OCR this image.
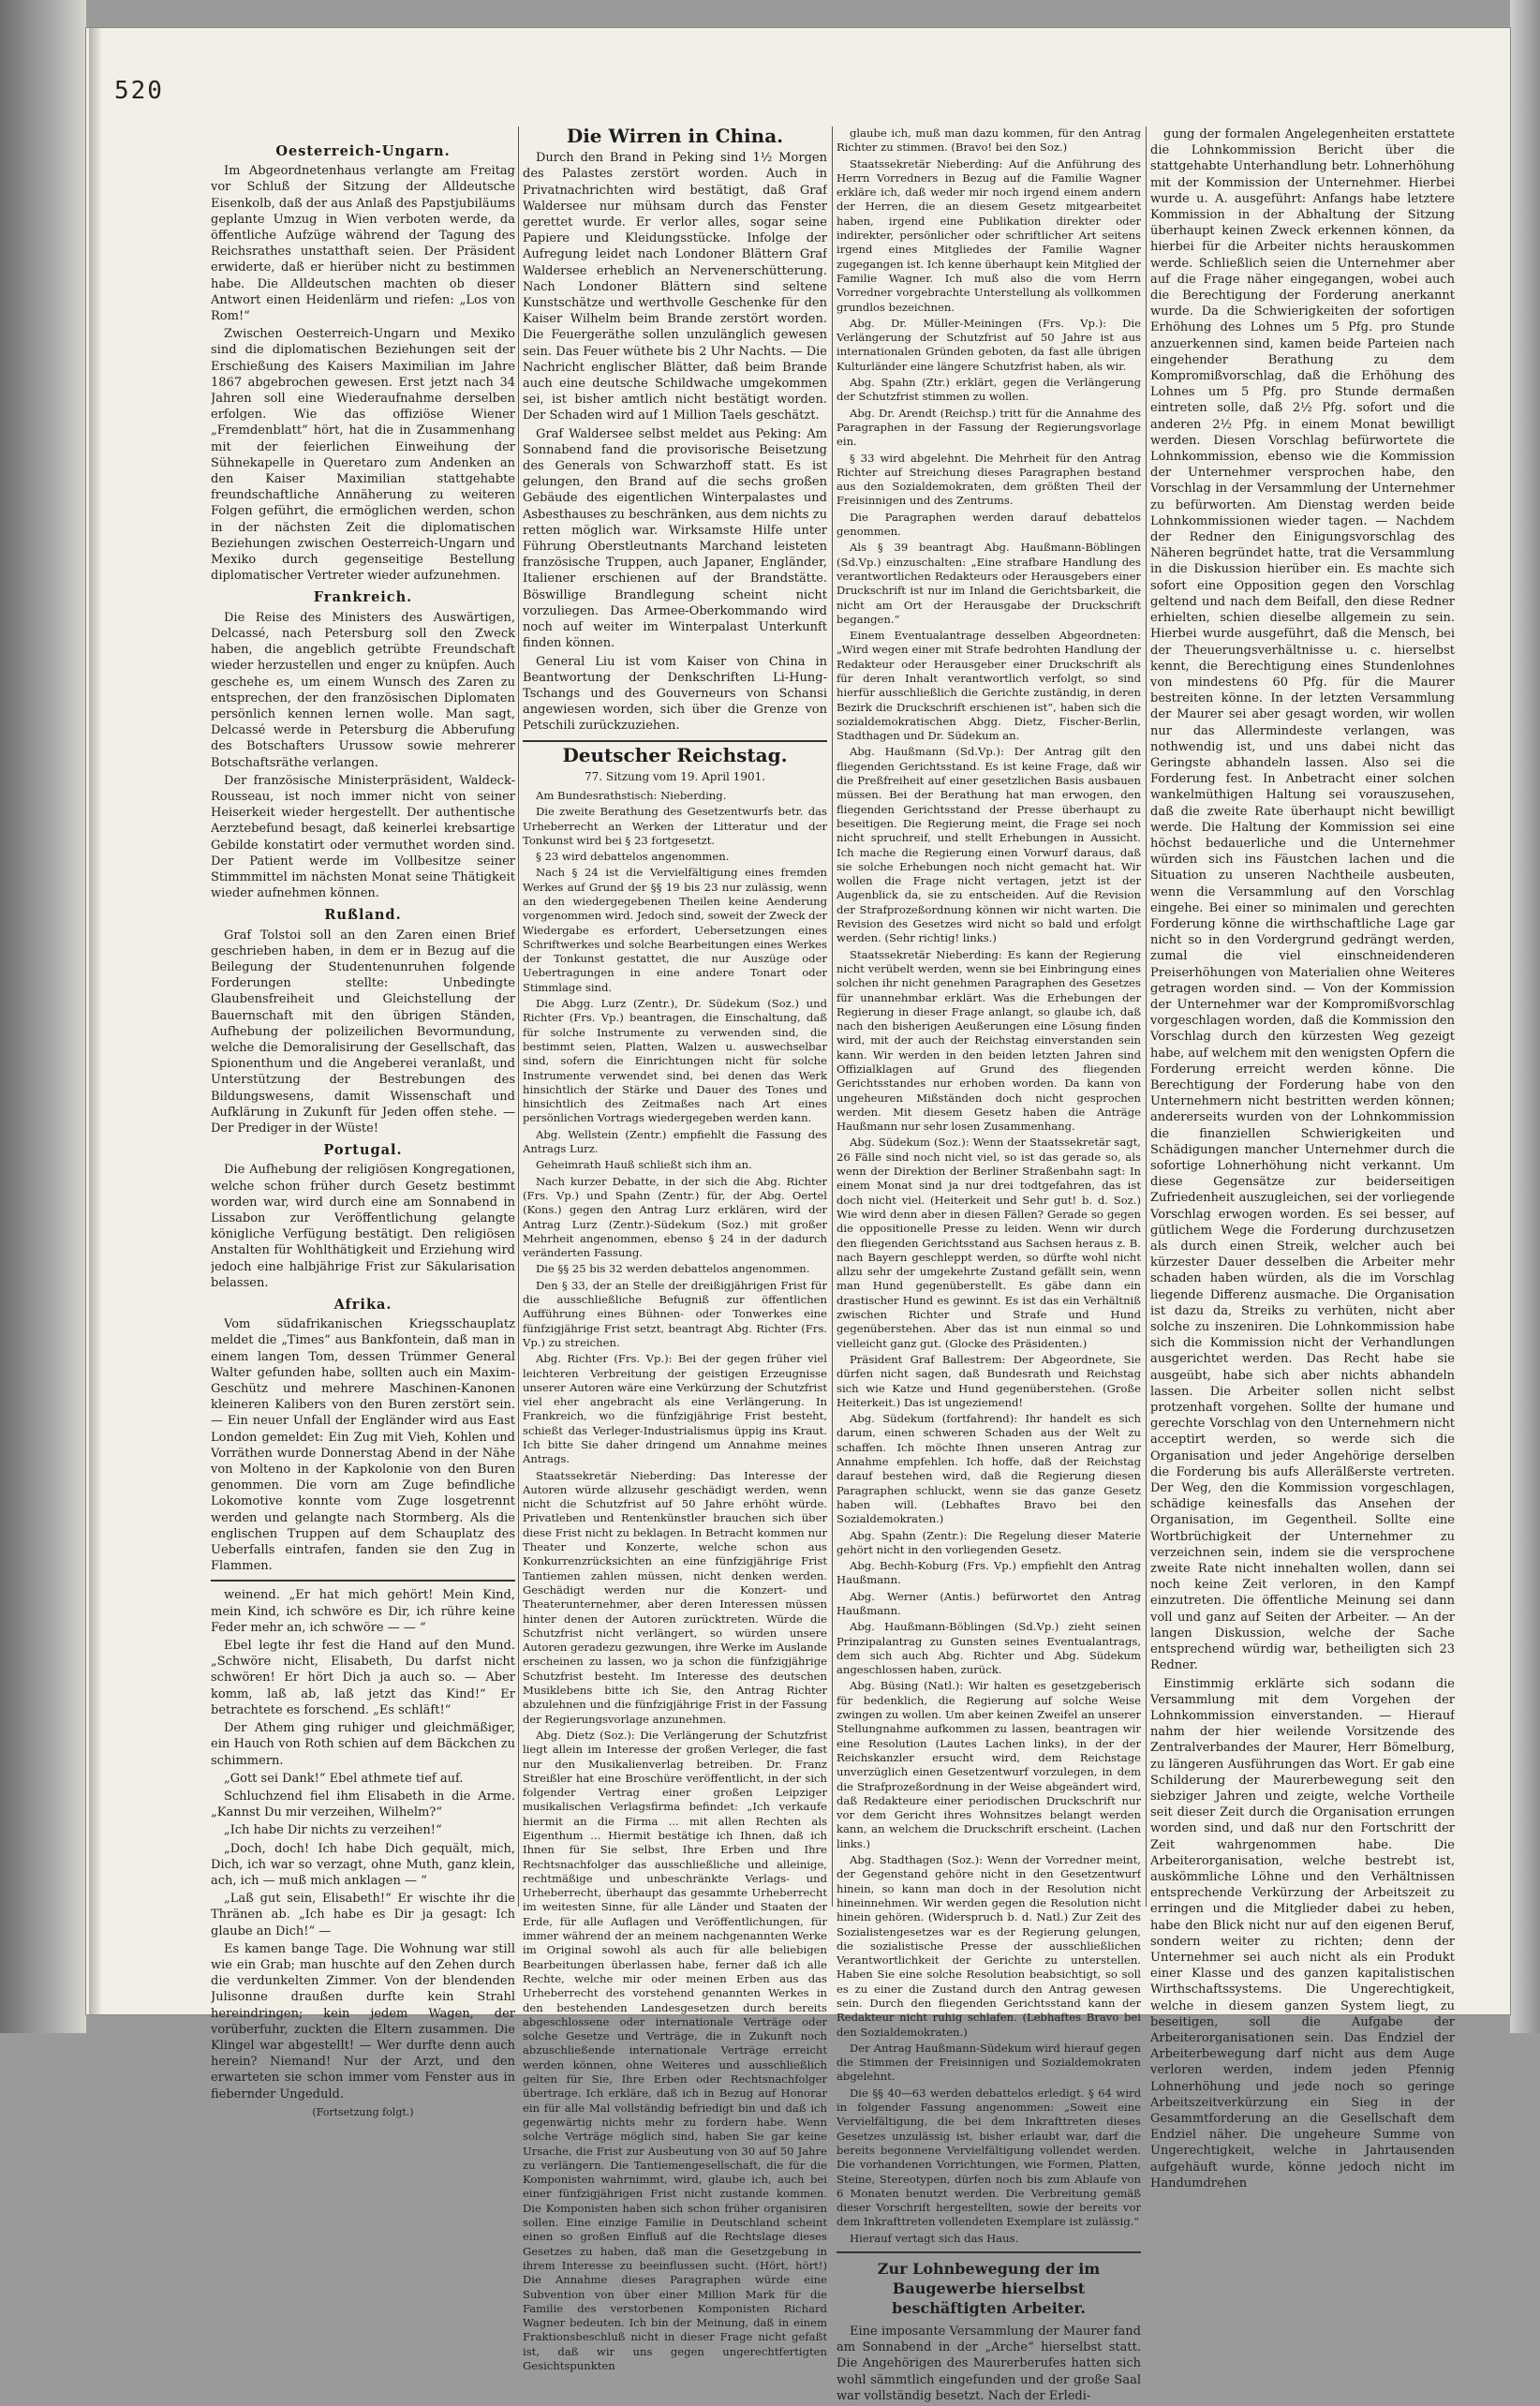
520
Oesterreich-Ungarn.

Im Abgeordnetenhaus verlangte am Freitag vor Schluß der Sitzung der Alldeutsche Eisenkolb, daß der aus Anlaß des Papstjubiläums geplante Umzug in Wien verboten werde, da öffentliche Aufzüge während der Tagung des Reichsrathes unstatthaft seien. Der Präsident erwiderte, daß er hierüber nicht zu bestimmen habe. Die Alldeutschen machten ob dieser Antwort einen Heidenlärm und riefen: „Los von Rom!“

Zwischen Oesterreich-Ungarn und Mexiko sind die diplomatischen Beziehungen seit der Erschießung des Kaisers Maximilian im Jahre 1867 abgebrochen gewesen. Erst jetzt nach 34 Jahren soll eine Wiederaufnahme derselben erfolgen. Wie das offiziöse Wiener „Fremdenblatt“ hört, hat die in Zusammenhang mit der feierlichen Einweihung der Sühnekapelle in Queretaro zum Andenken an den Kaiser Maximilian stattgehabte freundschaftliche Annäherung zu weiteren Folgen geführt, die ermöglichen werden, schon in der nächsten Zeit die diplomatischen Beziehungen zwischen Oesterreich-Ungarn und Mexiko durch gegenseitige Bestellung diplomatischer Vertreter wieder aufzunehmen.

Frankreich.

Die Reise des Ministers des Auswärtigen, Delcassé, nach Petersburg soll den Zweck haben, die angeblich getrübte Freundschaft wieder herzustellen und enger zu knüpfen. Auch geschehe es, um einem Wunsch des Zaren zu entsprechen, der den französischen Diplomaten persönlich kennen lernen wolle. Man sagt, Delcassé werde in Petersburg die Abberufung des Botschafters Urussow sowie mehrerer Botschaftsräthe verlangen.

Der französische Ministerpräsident, Waldeck-Rousseau, ist noch immer nicht von seiner Heiserkeit wieder hergestellt. Der authentische Aerztebefund besagt, daß keinerlei krebsartige Gebilde konstatirt oder vermuthet worden sind. Der Patient werde im Vollbesitze seiner Stimmmittel im nächsten Monat seine Thätigkeit wieder aufnehmen können.

Rußland.

Graf Tolstoi soll an den Zaren einen Brief geschrieben haben, in dem er in Bezug auf die Beilegung der Studentenunruhen folgende Forderungen stellte: Unbedingte Glaubensfreiheit und Gleichstellung der Bauernschaft mit den übrigen Ständen, Aufhebung der polizeilichen Bevormundung, welche die Demoralisirung der Gesellschaft, das Spionenthum und die Angeberei veranlaßt, und Unterstützung der Bestrebungen des Bildungswesens, damit Wissenschaft und Aufklärung in Zukunft für Jeden offen stehe. — Der Prediger in der Wüste!

Portugal.

Die Aufhebung der religiösen Kongregationen, welche schon früher durch Gesetz bestimmt worden war, wird durch eine am Sonnabend in Lissabon zur Veröffentlichung gelangte königliche Verfügung bestätigt. Den religiösen Anstalten für Wohlthätigkeit und Erziehung wird jedoch eine halbjährige Frist zur Säkularisation belassen.

Afrika.

Vom südafrikanischen Kriegsschauplatz meldet die „Times“ aus Bankfontein, daß man in einem langen Tom, dessen Trümmer General Walter gefunden habe, sollten auch ein Maxim-Geschütz und mehrere Maschinen-Kanonen kleineren Kalibers von den Buren zerstört sein. — Ein neuer Unfall der Engländer wird aus East London gemeldet: Ein Zug mit Vieh, Kohlen und Vorräthen wurde Donnerstag Abend in der Nähe von Molteno in der Kapkolonie von den Buren genommen. Die vorn am Zuge befindliche Lokomotive konnte vom Zuge losgetrennt werden und gelangte nach Stormberg. Als die englischen Truppen auf dem Schauplatz des Ueberfalls eintrafen, fanden sie den Zug in Flammen.

weinend. „Er hat mich gehört! Mein Kind, mein Kind, ich schwöre es Dir, ich rühre keine Feder mehr an, ich schwöre — — “

Ebel legte ihr fest die Hand auf den Mund. „Schwöre nicht, Elisabeth, Du darfst nicht schwören! Er hört Dich ja auch so. — Aber komm, laß ab, laß jetzt das Kind!“ Er betrachtete es forschend. „Es schläft!“

Der Athem ging ruhiger und gleichmäßiger, ein Hauch von Roth schien auf dem Bäckchen zu schimmern.

„Gott sei Dank!“ Ebel athmete tief auf.

Schluchzend fiel ihm Elisabeth in die Arme. „Kannst Du mir verzeihen, Wilhelm?“

„Ich habe Dir nichts zu verzeihen!“

„Doch, doch! Ich habe Dich gequält, mich, Dich, ich war so verzagt, ohne Muth, ganz klein, ach, ich — muß mich anklagen — “

„Laß gut sein, Elisabeth!“ Er wischte ihr die Thränen ab. „Ich habe es Dir ja gesagt: Ich glaube an Dich!“ —

Es kamen bange Tage. Die Wohnung war still wie ein Grab; man huschte auf den Zehen durch die verdunkelten Zimmer. Von der blendenden Julisonne draußen durfte kein Strahl hereindringen; kein jedem Wagen, der vorüberfuhr, zuckten die Eltern zusammen. Die Klingel war abgestellt! — Wer durfte denn auch herein? Niemand! Nur der Arzt, und den erwarteten sie schon immer vom Fenster aus in fiebernder Ungeduld.

(Fortsetzung folgt.)

Die Wirren in China.

Durch den Brand in Peking sind 1½ Morgen des Palastes zerstört worden. Auch in Privatnachrichten wird bestätigt, daß Graf Waldersee nur mühsam durch das Fenster gerettet wurde. Er verlor alles, sogar seine Papiere und Kleidungsstücke. Infolge der Aufregung leidet nach Londoner Blättern Graf Waldersee erheblich an Nervenerschütterung. Nach Londoner Blättern sind seltene Kunstschätze und werthvolle Geschenke für den Kaiser Wilhelm beim Brande zerstört worden. Die Feuergeräthe sollen unzulänglich gewesen sein. Das Feuer wüthete bis 2 Uhr Nachts. — Die Nachricht englischer Blätter, daß beim Brande auch eine deutsche Schildwache umgekommen sei, ist bisher amtlich nicht bestätigt worden. Der Schaden wird auf 1 Million Taels geschätzt.

Graf Waldersee selbst meldet aus Peking: Am Sonnabend fand die provisorische Beisetzung des Generals von Schwarzhoff statt. Es ist gelungen, den Brand auf die sechs großen Gebäude des eigentlichen Winterpalastes und Asbesthauses zu beschränken, aus dem nichts zu retten möglich war. Wirksamste Hilfe unter Führung Oberstleutnants Marchand leisteten französische Truppen, auch Japaner, Engländer, Italiener erschienen auf der Brandstätte. Böswillige Brandlegung scheint nicht vorzuliegen. Das Armee-Oberkommando wird noch auf weiter im Winterpalast Unterkunft finden können.

General Liu ist vom Kaiser von China in Beantwortung der Denkschriften Li-Hung-Tschangs und des Gouverneurs von Schansi angewiesen worden, sich über die Grenze von Petschili zurückzuziehen.

Deutscher Reichstag.

77. Sitzung vom 19. April 1901.

Am Bundesrathstisch: Nieberding.

Die zweite Berathung des Gesetzentwurfs betr. das Urheberrecht an Werken der Litteratur und der Tonkunst wird bei § 23 fortgesetzt.

§ 23 wird debattelos angenommen.

Nach § 24 ist die Vervielfältigung eines fremden Werkes auf Grund der §§ 19 bis 23 nur zulässig, wenn an den wiedergegebenen Theilen keine Aenderung vorgenommen wird. Jedoch sind, soweit der Zweck der Wiedergabe es erfordert, Uebersetzungen eines Schriftwerkes und solche Bearbeitungen eines Werkes der Tonkunst gestattet, die nur Auszüge oder Uebertragungen in eine andere Tonart oder Stimmlage sind.

Die Abgg. Lurz (Zentr.), Dr. Südekum (Soz.) und Richter (Frs. Vp.) beantragen, die Einschaltung, daß für solche Instrumente zu verwenden sind, die bestimmt seien, Platten, Walzen u. auswechselbar sind, sofern die Einrichtungen nicht für solche Instrumente verwendet sind, bei denen das Werk hinsichtlich der Stärke und Dauer des Tones und hinsichtlich des Zeitmaßes nach Art eines persönlichen Vortrags wiedergegeben werden kann.

Abg. Wellstein (Zentr.) empfiehlt die Fassung des Antrags Lurz.

Geheimrath Hauß schließt sich ihm an.

Nach kurzer Debatte, in der sich die Abg. Richter (Frs. Vp.) und Spahn (Zentr.) für, der Abg. Oertel (Kons.) gegen den Antrag Lurz erklären, wird der Antrag Lurz (Zentr.)-Südekum (Soz.) mit großer Mehrheit angenommen, ebenso § 24 in der dadurch veränderten Fassung.

Die §§ 25 bis 32 werden debattelos angenommen.

Den § 33, der an Stelle der dreißigjährigen Frist für die ausschließliche Befugniß zur öffentlichen Aufführung eines Bühnen- oder Tonwerkes eine fünfzigjährige Frist setzt, beantragt Abg. Richter (Frs. Vp.) zu streichen.

Abg. Richter (Frs. Vp.): Bei der gegen früher viel leichteren Verbreitung der geistigen Erzeugnisse unserer Autoren wäre eine Verkürzung der Schutzfrist viel eher angebracht als eine Verlängerung. In Frankreich, wo die fünfzigjährige Frist besteht, schießt das Verleger-Industrialismus üppig ins Kraut. Ich bitte Sie daher dringend um Annahme meines Antrags.

Staatssekretär Nieberding: Das Interesse der Autoren würde allzusehr geschädigt werden, wenn nicht die Schutzfrist auf 50 Jahre erhöht würde. Privatleben und Rentenkünstler brauchen sich über diese Frist nicht zu beklagen. In Betracht kommen nur Theater und Konzerte, welche schon aus Konkurrenzrücksichten an eine fünfzigjährige Frist Tantiemen zahlen müssen, nicht denken werden. Geschädigt werden nur die Konzert- und Theaterunternehmer, aber deren Interessen müssen hinter denen der Autoren zurücktreten. Würde die Schutzfrist nicht verlängert, so würden unsere Autoren geradezu gezwungen, ihre Werke im Auslande erscheinen zu lassen, wo ja schon die fünfzigjährige Schutzfrist besteht. Im Interesse des deutschen Musiklebens bitte ich Sie, den Antrag Richter abzulehnen und die fünfzigjährige Frist in der Fassung der Regierungsvorlage anzunehmen.

Abg. Dietz (Soz.): Die Verlängerung der Schutzfrist liegt allein im Interesse der großen Verleger, die fast nur den Musikalienverlag betreiben. Dr. Franz Streißler hat eine Broschüre veröffentlicht, in der sich folgender Vertrag einer großen Leipziger musikalischen Verlagsfirma befindet: „Ich verkaufe hiermit an die Firma ... mit allen Rechten als Eigenthum ... Hiermit bestätige ich Ihnen, daß ich Ihnen für Sie selbst, Ihre Erben und Ihre Rechtsnachfolger das ausschließliche und alleinige, rechtmäßige und unbeschränkte Verlags- und Urheberrecht, überhaupt das gesammte Urheberrecht im weitesten Sinne, für alle Länder und Staaten der Erde, für alle Auflagen und Veröffentlichungen, für immer während der an meinem nachgenannten Werke im Original sowohl als auch für alle beliebigen Bearbeitungen überlassen habe, ferner daß ich alle Rechte, welche mir oder meinen Erben aus das Urheberrecht des vorstehend genannten Werkes in den bestehenden Landesgesetzen durch bereits abgeschlossene oder internationale Verträge oder solche Gesetze und Verträge, die in Zukunft noch abzuschließende internationale Verträge erreicht werden können, ohne Weiteres und ausschließlich gelten für Sie, Ihre Erben oder Rechtsnachfolger übertrage. Ich erkläre, daß ich in Bezug auf Honorar ein für alle Mal vollständig befriedigt bin und daß ich gegenwärtig nichts mehr zu fordern habe. Wenn solche Verträge möglich sind, haben Sie gar keine Ursache, die Frist zur Ausbeutung von 30 auf 50 Jahre zu verlängern. Die Tantiemengesellschaft, die für die Komponisten wahrnimmt, wird, glaube ich, auch bei einer fünfzigjährigen Frist nicht zustande kommen. Die Komponisten haben sich schon früher organisiren sollen. Eine einzige Familie in Deutschland scheint einen so großen Einfluß auf die Rechtslage dieses Gesetzes zu haben, daß man die Gesetzgebung in ihrem Interesse zu beeinflussen sucht. (Hört, hört!) Die Annahme dieses Paragraphen würde eine Subvention von über einer Million Mark für die Familie des verstorbenen Komponisten Richard Wagner bedeuten. Ich bin der Meinung, daß in einem Fraktionsbeschluß nicht in dieser Frage nicht gefaßt ist, daß wir uns gegen ungerechtfertigten Gesichtspunkten

glaube ich, muß man dazu kommen, für den Antrag Richter zu stimmen. (Bravo! bei den Soz.)

Staatssekretär Nieberding: Auf die Anführung des Herrn Vorredners in Bezug auf die Familie Wagner erkläre ich, daß weder mir noch irgend einem andern der Herren, die an diesem Gesetz mitgearbeitet haben, irgend eine Publikation direkter oder indirekter, persönlicher oder schriftlicher Art seitens irgend eines Mitgliedes der Familie Wagner zugegangen ist. Ich kenne überhaupt kein Mitglied der Familie Wagner. Ich muß also die vom Herrn Vorredner vorgebrachte Unterstellung als vollkommen grundlos bezeichnen.

Abg. Dr. Müller-Meiningen (Frs. Vp.): Die Verlängerung der Schutzfrist auf 50 Jahre ist aus internationalen Gründen geboten, da fast alle übrigen Kulturländer eine längere Schutzfrist haben, als wir.

Abg. Spahn (Ztr.) erklärt, gegen die Verlängerung der Schutzfrist stimmen zu wollen.

Abg. Dr. Arendt (Reichsp.) tritt für die Annahme des Paragraphen in der Fassung der Regierungsvorlage ein.

§ 33 wird abgelehnt. Die Mehrheit für den Antrag Richter auf Streichung dieses Paragraphen bestand aus den Sozialdemokraten, dem größten Theil der Freisinnigen und des Zentrums.

Die Paragraphen werden darauf debattelos genommen.

Als § 39 beantragt Abg. Haußmann-Böblingen (Sd.Vp.) einzuschalten: „Eine strafbare Handlung des verantwortlichen Redakteurs oder Herausgebers einer Druckschrift ist nur im Inland die Gerichtsbarkeit, die nicht am Ort der Herausgabe der Druckschrift begangen.“

Einem Eventualantrage desselben Abgeordneten: „Wird wegen einer mit Strafe bedrohten Handlung der Redakteur oder Herausgeber einer Druckschrift als für deren Inhalt verantwortlich verfolgt, so sind hierfür ausschließlich die Gerichte zuständig, in deren Bezirk die Druckschrift erschienen ist“, haben sich die sozialdemokratischen Abgg. Dietz, Fischer-Berlin, Stadthagen und Dr. Südekum an.

Abg. Haußmann (Sd.Vp.): Der Antrag gilt den fliegenden Gerichtsstand. Es ist keine Frage, daß wir die Preßfreiheit auf einer gesetzlichen Basis ausbauen müssen. Bei der Berathung hat man erwogen, den fliegenden Gerichtsstand der Presse überhaupt zu beseitigen. Die Regierung meint, die Frage sei noch nicht spruchreif, und stellt Erhebungen in Aussicht. Ich mache die Regierung einen Vorwurf daraus, daß sie solche Erhebungen noch nicht gemacht hat. Wir wollen die Frage nicht vertagen, jetzt ist der Augenblick da, sie zu entscheiden. Auf die Revision der Strafprozeßordnung können wir nicht warten. Die Revision des Gesetzes wird nicht so bald und erfolgt werden. (Sehr richtig! links.)

Staatssekretär Nieberding: Es kann der Regierung nicht verübelt werden, wenn sie bei Einbringung eines solchen ihr nicht genehmen Paragraphen des Gesetzes für unannehmbar erklärt. Was die Erhebungen der Regierung in dieser Frage anlangt, so glaube ich, daß nach den bisherigen Aeußerungen eine Lösung finden wird, mit der auch der Reichstag einverstanden sein kann. Wir werden in den beiden letzten Jahren sind Offizialklagen auf Grund des fliegenden Gerichtsstandes nur erhoben worden. Da kann von ungeheuren Mißständen doch nicht gesprochen werden. Mit diesem Gesetz haben die Anträge Haußmann nur sehr losen Zusammenhang.

Abg. Südekum (Soz.): Wenn der Staatssekretär sagt, 26 Fälle sind noch nicht viel, so ist das gerade so, als wenn der Direktion der Berliner Straßenbahn sagt: In einem Monat sind ja nur drei todtgefahren, das ist doch nicht viel. (Heiterkeit und Sehr gut! b. d. Soz.) Wie wird denn aber in diesen Fällen? Gerade so gegen die oppositionelle Presse zu leiden. Wenn wir durch den fliegenden Gerichtsstand aus Sachsen heraus z. B. nach Bayern geschleppt werden, so dürfte wohl nicht allzu sehr der umgekehrte Zustand gefällt sein, wenn man Hund gegenüberstellt. Es gäbe dann ein drastischer Hund es gewinnt. Es ist das ein Verhältniß zwischen Richter und Strafe und Hund gegenüberstehen. Aber das ist nun einmal so und vielleicht ganz gut. (Glocke des Präsidenten.)

Präsident Graf Ballestrem: Der Abgeordnete, Sie dürfen nicht sagen, daß Bundesrath und Reichstag sich wie Katze und Hund gegenüberstehen. (Große Heiterkeit.) Das ist ungeziemend!

Abg. Südekum (fortfahrend): Ihr handelt es sich darum, einen schweren Schaden aus der Welt zu schaffen. Ich möchte Ihnen unseren Antrag zur Annahme empfehlen. Ich hoffe, daß der Reichstag darauf bestehen wird, daß die Regierung diesen Paragraphen schluckt, wenn sie das ganze Gesetz haben will. (Lebhaftes Bravo bei den Sozialdemokraten.)

Abg. Spahn (Zentr.): Die Regelung dieser Materie gehört nicht in den vorliegenden Gesetz.

Abg. Bechh-Koburg (Frs. Vp.) empfiehlt den Antrag Haußmann.

Abg. Werner (Antis.) befürwortet den Antrag Haußmann.

Abg. Haußmann-Böblingen (Sd.Vp.) zieht seinen Prinzipalantrag zu Gunsten seines Eventualantrags, dem sich auch Abg. Richter und Abg. Südekum angeschlossen haben, zurück.

Abg. Büsing (Natl.): Wir halten es gesetzgeberisch für bedenklich, die Regierung auf solche Weise zwingen zu wollen. Um aber keinen Zweifel an unserer Stellungnahme aufkommen zu lassen, beantragen wir eine Resolution (Lautes Lachen links), in der der Reichskanzler ersucht wird, dem Reichstage unverzüglich einen Gesetzentwurf vorzulegen, in dem die Strafprozeßordnung in der Weise abgeändert wird, daß Redakteure einer periodischen Druckschrift nur vor dem Gericht ihres Wohnsitzes belangt werden kann, an welchem die Druckschrift erscheint. (Lachen links.)

Abg. Stadthagen (Soz.): Wenn der Vorredner meint, der Gegenstand gehöre nicht in den Gesetzentwurf hinein, so kann man doch in der Resolution nicht hineinnehmen. Wir werden gegen die Resolution nicht hinein gehören. (Widerspruch b. d. Natl.) Zur Zeit des Sozialistengesetzes war es der Regierung gelungen, die sozialistische Presse der ausschließlichen Verantwortlichkeit der Gerichte zu unterstellen. Haben Sie eine solche Resolution beabsichtigt, so soll es zu einer die Zustand durch den Antrag gewesen sein. Durch den fliegenden Gerichtsstand kann der Redakteur nicht ruhig schlafen. (Lebhaftes Bravo bei den Sozialdemokraten.)

Der Antrag Haußmann-Südekum wird hierauf gegen die Stimmen der Freisinnigen und Sozialdemokraten abgelehnt.

Die §§ 40—63 werden debattelos erledigt. § 64 wird in folgender Fassung angenommen: „Soweit eine Vervielfältigung, die bei dem Inkrafttreten dieses Gesetzes unzulässig ist, bisher erlaubt war, darf die bereits begonnene Vervielfältigung vollendet werden. Die vorhandenen Vorrichtungen, wie Formen, Platten, Steine, Stereotypen, dürfen noch bis zum Ablaufe von 6 Monaten benutzt werden. Die Verbreitung gemäß dieser Vorschrift hergestellten, sowie der bereits vor dem Inkrafttreten vollendeten Exemplare ist zulässig.“

Hierauf vertagt sich das Haus.

Zur Lohnbewegung der im Baugewerbe hierselbst beschäftigten Arbeiter.

Eine imposante Versammlung der Maurer fand am Sonnabend in der „Arche“ hierselbst statt. Die Angehörigen des Maurerberufes hatten sich wohl sämmtlich eingefunden und der große Saal war vollständig besetzt. Nach der Erledi-

gung der formalen Angelegenheiten erstattete die Lohnkommission Bericht über die stattgehabte Unterhandlung betr. Lohnerhöhung mit der Kommission der Unternehmer. Hierbei wurde u. A. ausgeführt: Anfangs habe letztere Kommission in der Abhaltung der Sitzung überhaupt keinen Zweck erkennen können, da hierbei für die Arbeiter nichts herauskommen werde. Schließlich seien die Unternehmer aber auf die Frage näher eingegangen, wobei auch die Berechtigung der Forderung anerkannt wurde. Da die Schwierigkeiten der sofortigen Erhöhung des Lohnes um 5 Pfg. pro Stunde anzuerkennen sind, kamen beide Parteien nach eingehender Berathung zu dem Kompromißvorschlag, daß die Erhöhung des Lohnes um 5 Pfg. pro Stunde dermaßen eintreten solle, daß 2½ Pfg. sofort und die anderen 2½ Pfg. in einem Monat bewilligt werden. Diesen Vorschlag befürwortete die Lohnkommission, ebenso wie die Kommission der Unternehmer versprochen habe, den Vorschlag in der Versammlung der Unternehmer zu befürworten. Am Dienstag werden beide Lohnkommissionen wieder tagen. — Nachdem der Redner den Einigungsvorschlag des Näheren begründet hatte, trat die Versammlung in die Diskussion hierüber ein. Es machte sich sofort eine Opposition gegen den Vorschlag geltend und nach dem Beifall, den diese Redner erhielten, schien dieselbe allgemein zu sein. Hierbei wurde ausgeführt, daß die Mensch, bei der Theuerungsverhältnisse u. c. hierselbst kennt, die Berechtigung eines Stundenlohnes von mindestens 60 Pfg. für die Maurer bestreiten könne. In der letzten Versammlung der Maurer sei aber gesagt worden, wir wollen nur das Allermindeste verlangen, was nothwendig ist, und uns dabei nicht das Geringste abhandeln lassen. Also sei die Forderung fest. In Anbetracht einer solchen wankelmüthigen Haltung sei vorauszusehen, daß die zweite Rate überhaupt nicht bewilligt werde. Die Haltung der Kommission sei eine höchst bedauerliche und die Unternehmer würden sich ins Fäustchen lachen und die Situation zu unseren Nachtheile ausbeuten, wenn die Versammlung auf den Vorschlag eingehe. Bei einer so minimalen und gerechten Forderung könne die wirthschaftliche Lage gar nicht so in den Vordergrund gedrängt werden, zumal die viel einschneidenderen Preiserhöhungen von Materialien ohne Weiteres getragen worden sind. — Von der Kommission der Unternehmer war der Kompromißvorschlag vorgeschlagen worden, daß die Kommission den Vorschlag durch den kürzesten Weg gezeigt habe, auf welchem mit den wenigsten Opfern die Forderung erreicht werden könne. Die Berechtigung der Forderung habe von den Unternehmern nicht bestritten werden können; andererseits wurden von der Lohnkommission die finanziellen Schwierigkeiten und Schädigungen mancher Unternehmer durch die sofortige Lohnerhöhung nicht verkannt. Um diese Gegensätze zur beiderseitigen Zufriedenheit auszugleichen, sei der vorliegende Vorschlag erwogen worden. Es sei besser, auf gütlichem Wege die Forderung durchzusetzen als durch einen Streik, welcher auch bei kürzester Dauer desselben die Arbeiter mehr schaden haben würden, als die im Vorschlag liegende Differenz ausmache. Die Organisation ist dazu da, Streiks zu verhüten, nicht aber solche zu inszeniren. Die Lohnkommission habe sich die Kommission nicht der Verhandlungen ausgerichtet werden. Das Recht habe sie ausgeübt, habe sich aber nichts abhandeln lassen. Die Arbeiter sollen nicht selbst protzenhaft vorgehen. Sollte der humane und gerechte Vorschlag von den Unternehmern nicht acceptirt werden, so werde sich die Organisation und jeder Angehörige derselben die Forderung bis aufs Allerälßerste vertreten. Der Weg, den die Kommission vorgeschlagen, schädige keinesfalls das Ansehen der Organisation, im Gegentheil. Sollte eine Wortbrüchigkeit der Unternehmer zu verzeichnen sein, indem sie die versprochene zweite Rate nicht innehalten wollen, dann sei noch keine Zeit verloren, in den Kampf einzutreten. Die öffentliche Meinung sei dann voll und ganz auf Seiten der Arbeiter. — An der langen Diskussion, welche der Sache entsprechend würdig war, betheiligten sich 23 Redner.

Einstimmig erklärte sich sodann die Versammlung mit dem Vorgehen der Lohnkommission einverstanden. — Hierauf nahm der hier weilende Vorsitzende des Zentralverbandes der Maurer, Herr Bömelburg, zu längeren Ausführungen das Wort. Er gab eine Schilderung der Maurerbewegung seit den siebziger Jahren und zeigte, welche Vortheile seit dieser Zeit durch die Organisation errungen worden sind, und daß nur den Fortschritt der Zeit wahrgenommen habe. Die Arbeiterorganisation, welche bestrebt ist, auskömmliche Löhne und den Verhältnissen entsprechende Verkürzung der Arbeitszeit zu erringen und die Mitglieder dabei zu heben, habe den Blick nicht nur auf den eigenen Beruf, sondern weiter zu richten; denn der Unternehmer sei auch nicht als ein Produkt einer Klasse und des ganzen kapitalistischen Wirthschaftssystems. Die Ungerechtigkeit, welche in diesem ganzen System liegt, zu beseitigen, soll die Aufgabe der Arbeiterorganisationen sein. Das Endziel der Arbeiterbewegung darf nicht aus dem Auge verloren werden, indem jeden Pfennig Lohnerhöhung und jede noch so geringe Arbeitszeitverkürzung ein Sieg in der Gesammtforderung an die Gesellschaft dem Endziel näher. Die ungeheure Summe von Ungerechtigkeit, welche in Jahrtausenden aufgehäuft wurde, könne jedoch nicht im Handumdrehen
